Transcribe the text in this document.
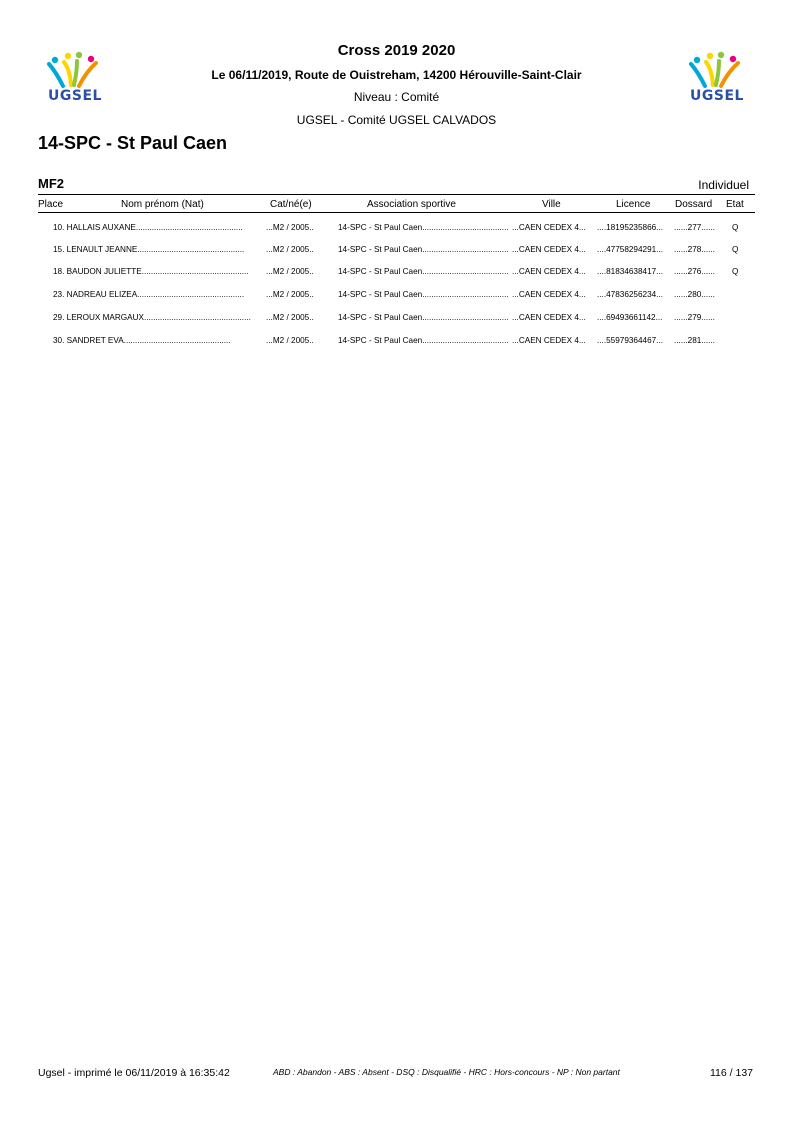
UGSEL	UGSEL
Cross 2019 2020
Le 06/11/2019, Route de Ouistreham, 14200 Hérouville-Saint-Clair
Niveau : Comité
UGSEL - Comité UGSEL CALVADOS
14-SPC - St Paul Caen
MF2	Individuel
Place	Nom prénom (Nat)	Cat/né(e)	Association sportive	Ville	Licence Dossard Etat
10. HALLAIS AUXANE...............................................	...M2 / 2005..	14-SPC - St Paul Caen...................................... ...CAEN CEDEX 4...	....18195235866...	......277......	Q
15. LENAULT JEANNE...............................................	...M2 / 2005..	14-SPC - St Paul Caen...................................... ...CAEN CEDEX 4...	....47758294291...	......278......	Q
18. BAUDON JULIETTE...............................................	...M2 / 2005..	14-SPC - St Paul Caen...................................... ...CAEN CEDEX 4...	....81834638417...	......276......	Q
23. NADREAU ELIZEA...............................................	...M2 / 2005..	14-SPC - St Paul Caen...................................... ...CAEN CEDEX 4...	....47836256234...	......280......
29. LEROUX MARGAUX...............................................	...M2 / 2005..	14-SPC - St Paul Caen...................................... ...CAEN CEDEX 4...	....69493661142...	......279......
30. SANDRET EVA...............................................	...M2 / 2005..	14-SPC - St Paul Caen...................................... ...CAEN CEDEX 4...	....55979364467...	......281......
Ugsel - imprimé le 06/11/2019 à 16:35:42	ABD : Abandon - ABS : Absent - DSQ : Disqualifié - HRC : Hors-concours - NP : Non partant	116 / 137
